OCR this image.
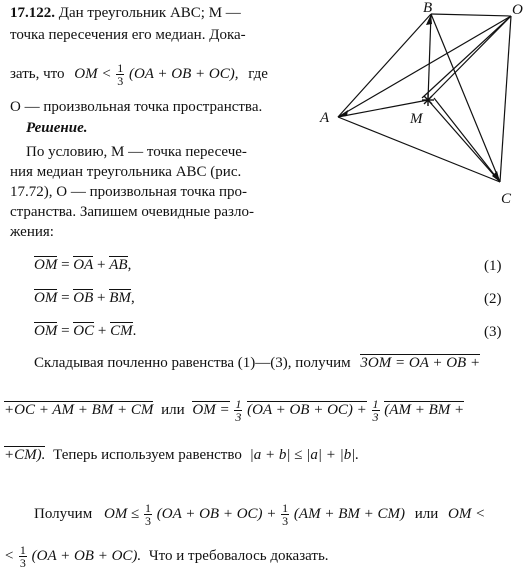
17.122. Дан треугольник ABC; M —
точка пересечения его медиан. Дока-
зать, что OM < $\frac{1}{3} (OA$ + OB + OC), где
O — произвольная точка пространства.
Решение.
По условию, M — точка пересече-
ния медиан треугольника ABC (рис.
17.72), O — произвольная точка про-
странства. Запишем очевидные разло-
жения:
OM = OA + AB,	(1)
OM = OB + BM,	(2)
OM = OC + CM.	(3)
Складывая почленно равенства (1)—(3), получим 3OM = OA + OB +
+OC + AM + BM + CM или OM = $\frac{1}{3} (OA$ + OB + $OC) + \frac{1}{3} (AM$ + BM +
+CM). Теперь используем равенство |a + b| ≤ |a| + |b|.
Получим OM ≤ $\frac{1}{3} (OA$ + OB + $OC) + \frac{1}{3} (AM$ + BM + CM) или OM <
< $\frac{1}{3} (OA$ + OB + OC). Что и требовалось доказать.
B	O
A	M
C
